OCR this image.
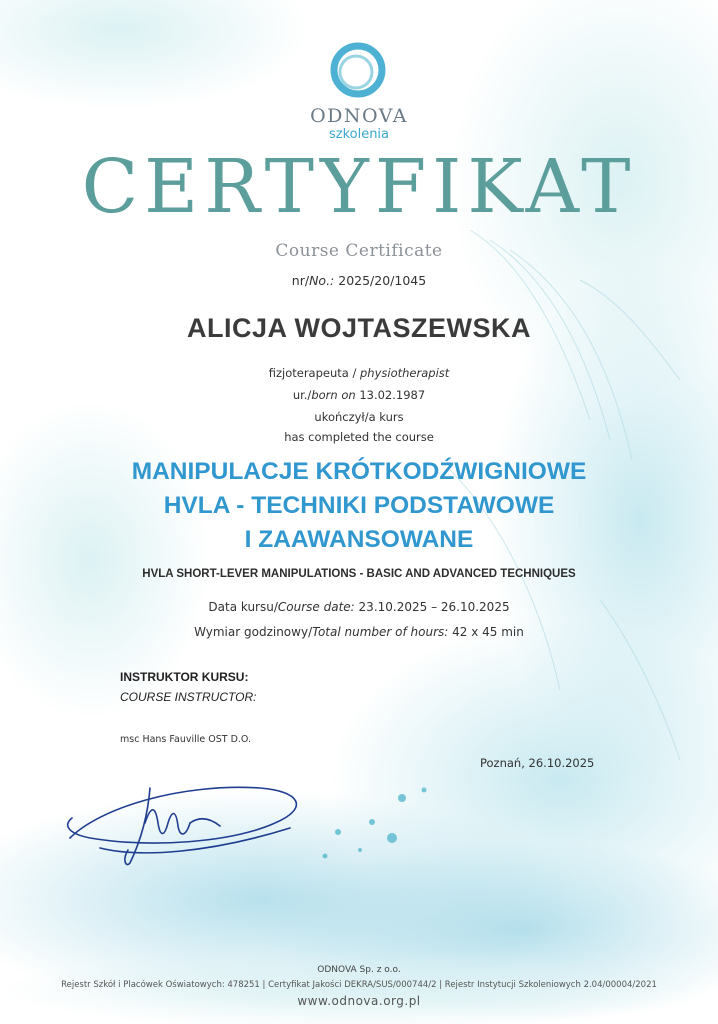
ODNOVA
szkolenia
CERTYFIKAT
Course Certificate
nr/No.: 2025/20/1045
ALICJA WOJTASZEWSKA
fizjoterapeuta / physiotherapist
ur./born on 13.02.1987
ukończył/a kurs
has completed the course
MANIPULACJE KRÓTKODŹWIGNIOWE
HVLA - TECHNIKI PODSTAWOWE
I ZAAWANSOWANE
HVLA SHORT-LEVER MANIPULATIONS - BASIC AND ADVANCED TECHNIQUES
Data kursu/Course date: 23.10.2025 – 26.10.2025
Wymiar godzinowy/Total number of hours: 42 x 45 min
INSTRUKTOR KURSU:
COURSE INSTRUCTOR:
msc Hans Fauville OST D.O.
Poznań, 26.10.2025
ODNOVA Sp. z o.o.
Rejestr Szkół i Placówek Oświatowych: 478251 | Certyfikat Jakości DEKRA/SUS/000744/2 | Rejestr Instytucji Szkoleniowych 2.04/00004/2021
www.odnova.org.pl
